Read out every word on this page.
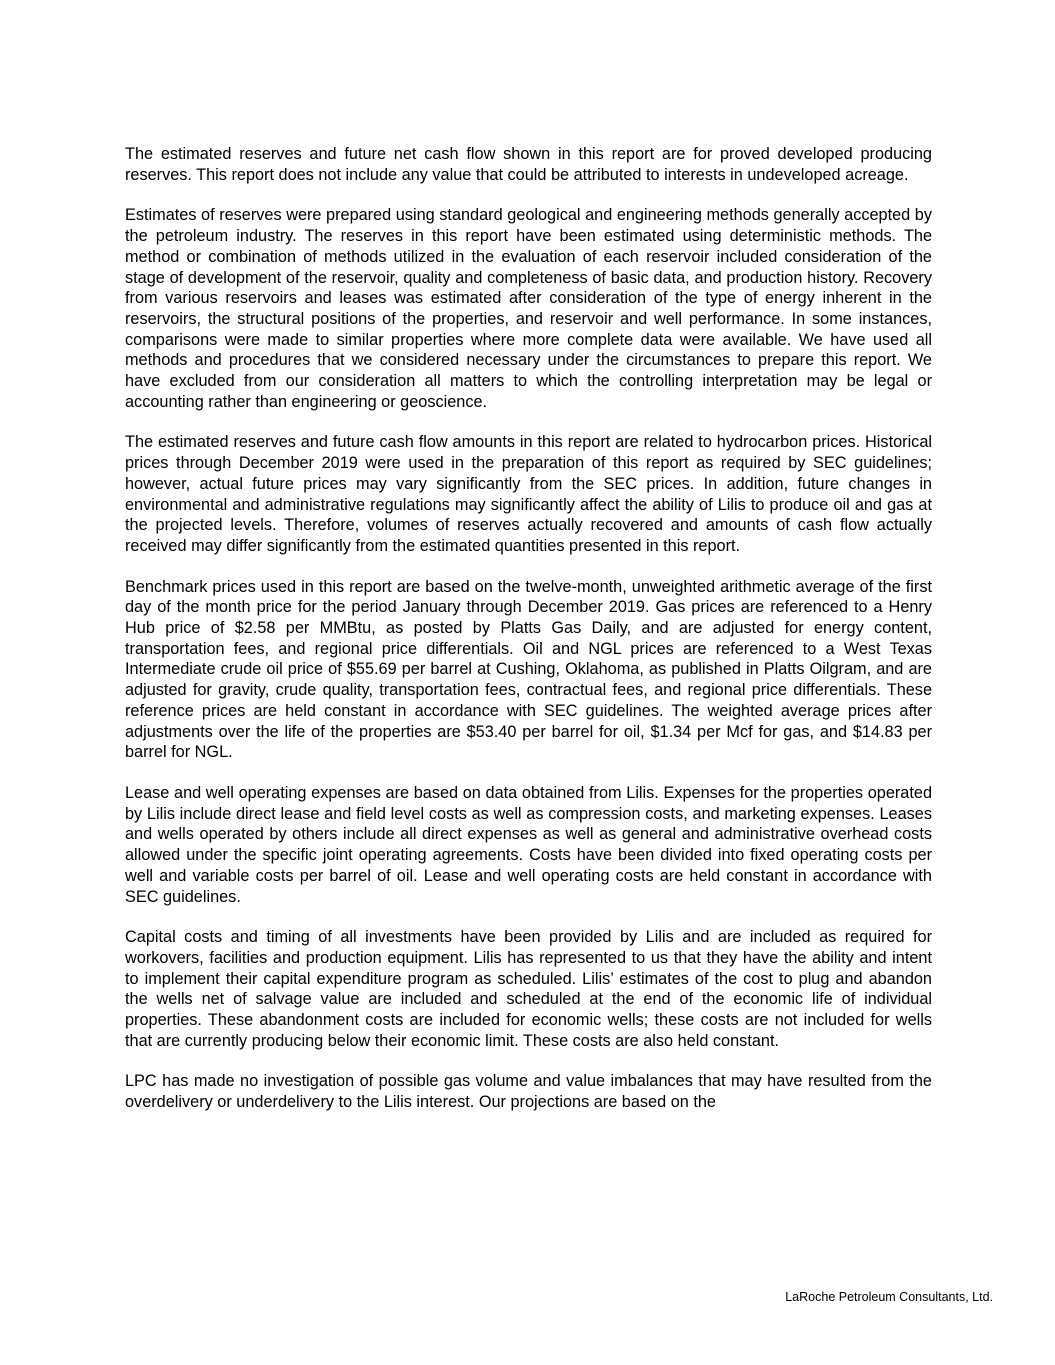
The estimated reserves and future net cash flow shown in this report are for proved developed producing reserves. This report does not include any value that could be attributed to interests in undeveloped acreage.

Estimates of reserves were prepared using standard geological and engineering methods generally accepted by the petroleum industry. The reserves in this report have been estimated using deterministic methods. The method or combination of methods utilized in the evaluation of each reservoir included consideration of the stage of development of the reservoir, quality and completeness of basic data, and production history. Recovery from various reservoirs and leases was estimated after consideration of the type of energy inherent in the reservoirs, the structural positions of the properties, and reservoir and well performance. In some instances, comparisons were made to similar properties where more complete data were available. We have used all methods and procedures that we considered necessary under the circumstances to prepare this report. We have excluded from our consideration all matters to which the controlling interpretation may be legal or accounting rather than engineering or geoscience.

The estimated reserves and future cash flow amounts in this report are related to hydrocarbon prices. Historical prices through December 2019 were used in the preparation of this report as required by SEC guidelines; however, actual future prices may vary significantly from the SEC prices. In addition, future changes in environmental and administrative regulations may significantly affect the ability of Lilis to produce oil and gas at the projected levels. Therefore, volumes of reserves actually recovered and amounts of cash flow actually received may differ significantly from the estimated quantities presented in this report.

Benchmark prices used in this report are based on the twelve-month, unweighted arithmetic average of the first day of the month price for the period January through December 2019. Gas prices are referenced to a Henry Hub price of $2.58 per MMBtu, as posted by Platts Gas Daily, and are adjusted for energy content, transportation fees, and regional price differentials. Oil and NGL prices are referenced to a West Texas Intermediate crude oil price of $55.69 per barrel at Cushing, Oklahoma, as published in Platts Oilgram, and are adjusted for gravity, crude quality, transportation fees, contractual fees, and regional price differentials. These reference prices are held constant in accordance with SEC guidelines. The weighted average prices after adjustments over the life of the properties are $53.40 per barrel for oil, $1.34 per Mcf for gas, and $14.83 per barrel for NGL.

Lease and well operating expenses are based on data obtained from Lilis. Expenses for the properties operated by Lilis include direct lease and field level costs as well as compression costs, and marketing expenses. Leases and wells operated by others include all direct expenses as well as general and administrative overhead costs allowed under the specific joint operating agreements. Costs have been divided into fixed operating costs per well and variable costs per barrel of oil. Lease and well operating costs are held constant in accordance with SEC guidelines.

Capital costs and timing of all investments have been provided by Lilis and are included as required for workovers, facilities and production equipment. Lilis has represented to us that they have the ability and intent to implement their capital expenditure program as scheduled. Lilis’ estimates of the cost to plug and abandon the wells net of salvage value are included and scheduled at the end of the economic life of individual properties. These abandonment costs are included for economic wells; these costs are not included for wells that are currently producing below their economic limit. These costs are also held constant.

LPC has made no investigation of possible gas volume and value imbalances that may have resulted from the overdelivery or underdelivery to the Lilis interest. Our projections are based on the

LaRoche Petroleum Consultants, Ltd.
